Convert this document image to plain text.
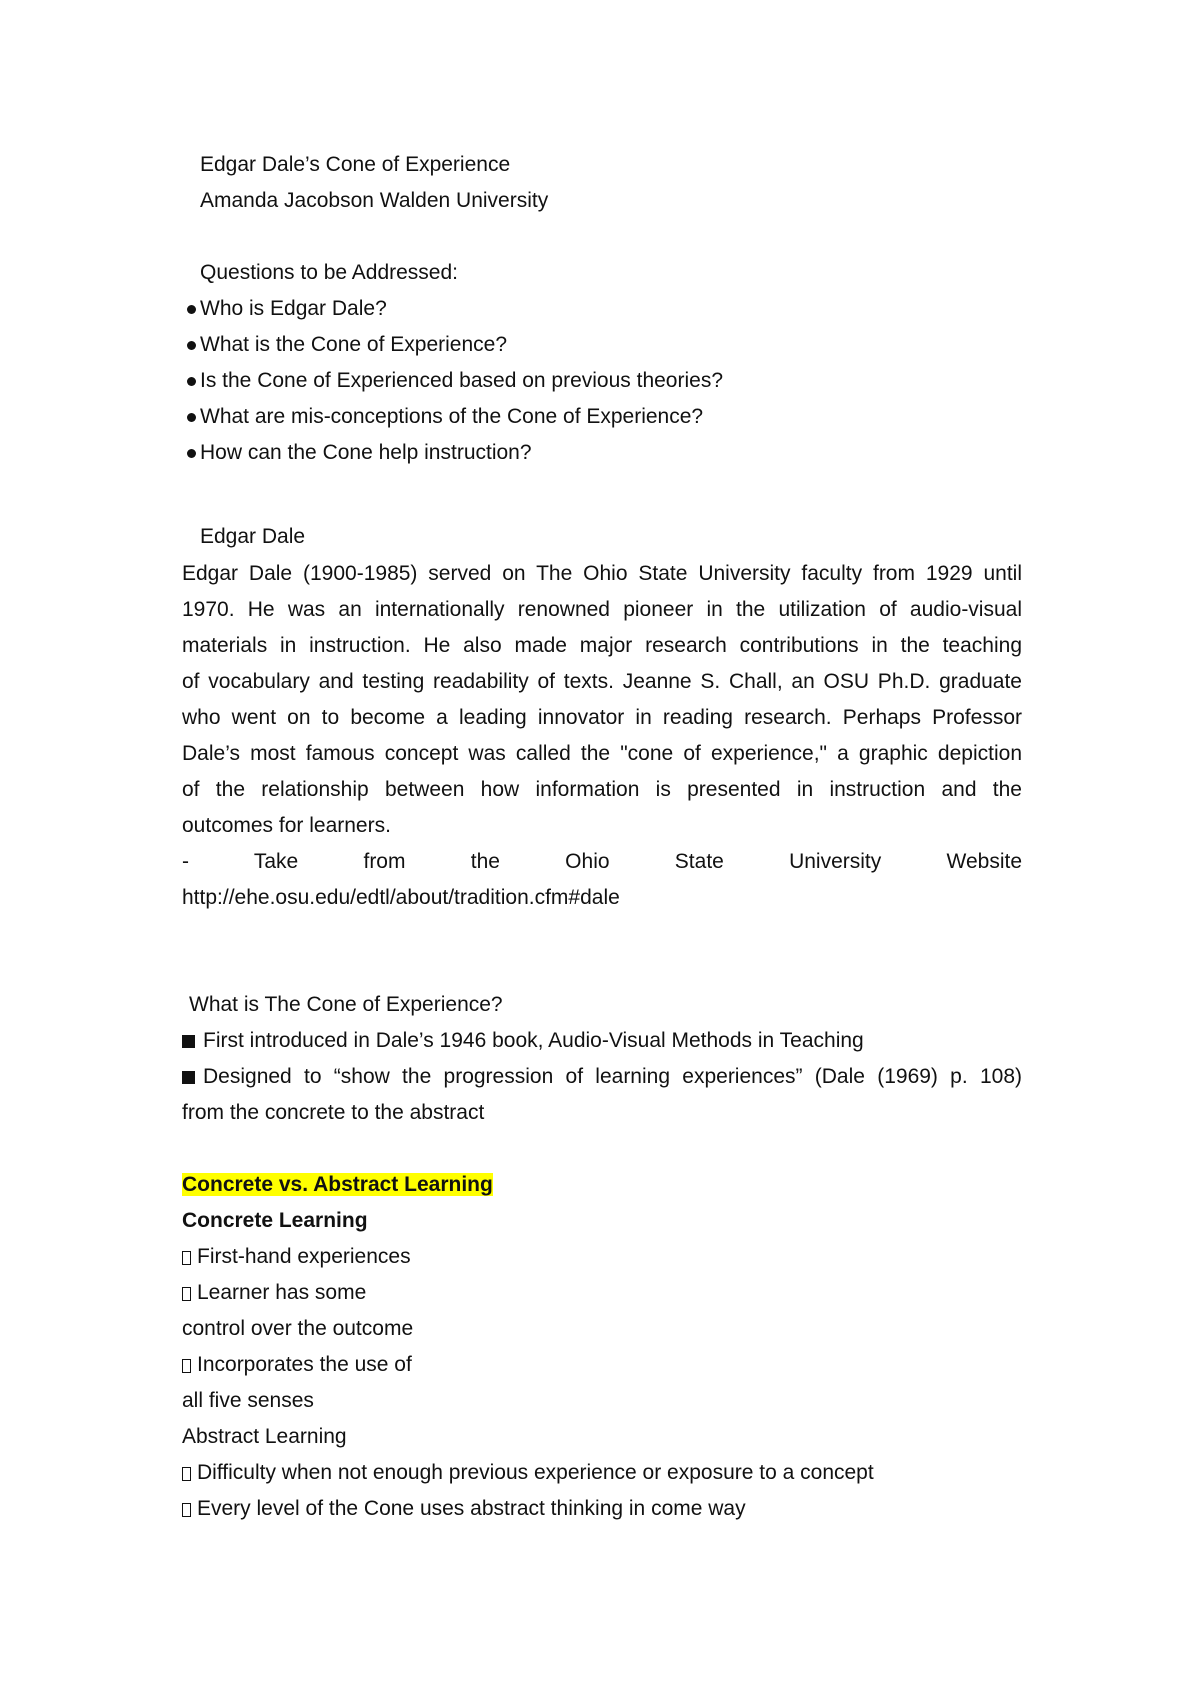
Edgar Dale’s Cone of Experience
Amanda Jacobson Walden University
Questions to be Addressed:
Who is Edgar Dale?
What is the Cone of Experience?
Is the Cone of Experienced based on previous theories?
What are mis-conceptions of the Cone of Experience?
How can the Cone help instruction?
Edgar Dale
Edgar Dale (1900-1985) served on The Ohio State University faculty from 1929 until
1970. He was an internationally renowned pioneer in the utilization of audio-visual
materials in instruction. He also made major research contributions in the teaching
of vocabulary and testing readability of texts. Jeanne S. Chall, an OSU Ph.D. graduate
who went on to become a leading innovator in reading research. Perhaps Professor
Dale’s most famous concept was called the "cone of experience," a graphic depiction
of the relationship between how information is presented in instruction and the
outcomes for learners.
- Take from the Ohio State University Website
http://ehe.osu.edu/edtl/about/tradition.cfm#dale
What is The Cone of Experience?
First introduced in Dale’s 1946 book, Audio-Visual Methods in Teaching
Designed to “show the progression of learning experiences” (Dale (1969) p. 108)
from the concrete to the abstract
Concrete vs. Abstract Learning
Concrete Learning
First-hand experiences
Learner has some
control over the outcome
Incorporates the use of
all five senses
Abstract Learning
Difficulty when not enough previous experience or exposure to a concept
Every level of the Cone uses abstract thinking in come way
